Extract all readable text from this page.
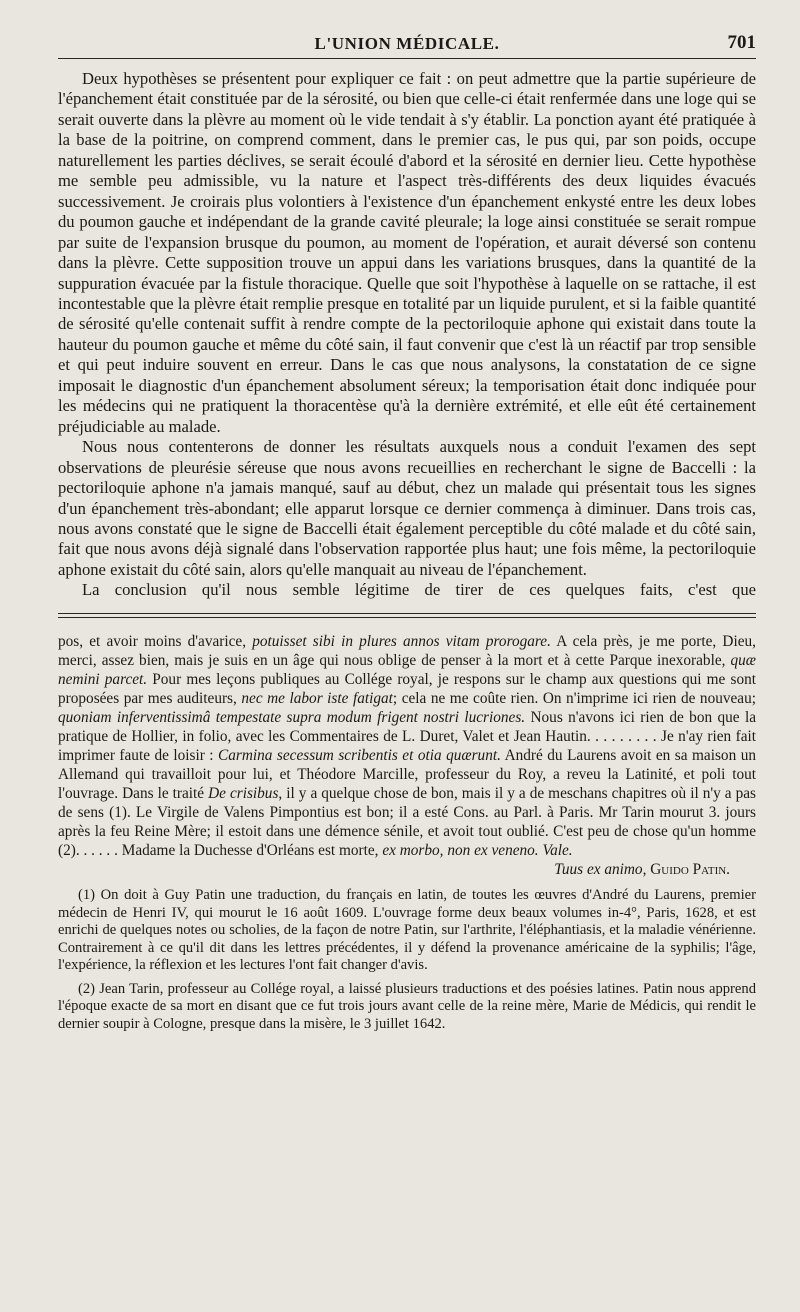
L'UNION MÉDICALE.	701

Deux hypothèses se présentent pour expliquer ce fait : on peut admettre que la partie supérieure de l'épanchement était constituée par de la sérosité, ou bien que celle-ci était renfermée dans une loge qui se serait ouverte dans la plèvre au moment où le vide tendait à s'y établir. La ponction ayant été pratiquée à la base de la poitrine, on comprend comment, dans le premier cas, le pus qui, par son poids, occupe naturellement les parties déclives, se serait écoulé d'abord et la sérosité en dernier lieu. Cette hypothèse me semble peu admissible, vu la nature et l'aspect très-différents des deux liquides évacués successivement. Je croirais plus volontiers à l'existence d'un épanchement enkysté entre les deux lobes du poumon gauche et indépendant de la grande cavité pleurale; la loge ainsi constituée se serait rompue par suite de l'expansion brusque du poumon, au moment de l'opération, et aurait déversé son contenu dans la plèvre. Cette supposition trouve un appui dans les variations brusques, dans la quantité de la suppuration évacuée par la fistule thoracique. Quelle que soit l'hypothèse à laquelle on se rattache, il est incontestable que la plèvre était remplie presque en totalité par un liquide purulent, et si la faible quantité de sérosité qu'elle contenait suffit à rendre compte de la pectoriloquie aphone qui existait dans toute la hauteur du poumon gauche et même du côté sain, il faut convenir que c'est là un réactif par trop sensible et qui peut induire souvent en erreur. Dans le cas que nous analysons, la constatation de ce signe imposait le diagnostic d'un épanchement absolument séreux; la temporisation était donc indiquée pour les médecins qui ne pratiquent la thoracentèse qu'à la dernière extrémité, et elle eût été certainement préjudiciable au malade.

Nous nous contenterons de donner les résultats auxquels nous a conduit l'examen des sept observations de pleurésie séreuse que nous avons recueillies en recherchant le signe de Baccelli : la pectoriloquie aphone n'a jamais manqué, sauf au début, chez un malade qui présentait tous les signes d'un épanchement très-abondant; elle apparut lorsque ce dernier commença à diminuer. Dans trois cas, nous avons constaté que le signe de Baccelli était également perceptible du côté malade et du côté sain, fait que nous avons déjà signalé dans l'observation rapportée plus haut; une fois même, la pectoriloquie aphone existait du côté sain, alors qu'elle manquait au niveau de l'épanchement.

La conclusion qu'il nous semble légitime de tirer de ces quelques faits, c'est que

pos, et avoir moins d'avarice, potuisset sibi in plures annos vitam prorogare. A cela près, je me porte, Dieu, merci, assez bien, mais je suis en un âge qui nous oblige de penser à la mort et à cette Parque inexorable, quæ nemini parcet. Pour mes leçons publiques au Collége royal, je respons sur le champ aux questions qui me sont proposées par mes auditeurs, nec me labor iste fatigat; cela ne me coûte rien. On n'imprime ici rien de nouveau; quoniam inferventissimâ tempestate supra modum frigent nostri lucriones. Nous n'avons ici rien de bon que la pratique de Hollier, in folio, avec les Commentaires de L. Duret, Valet et Jean Hautin. . . . . . . . . Je n'ay rien fait imprimer faute de loisir : Carmina secessum scribentis et otia quærunt. André du Laurens avoit en sa maison un Allemand qui travailloit pour lui, et Théodore Marcille, professeur du Roy, a reveu la Latinité, et poli tout l'ouvrage. Dans le traité De crisibus, il y a quelque chose de bon, mais il y a de meschans chapitres où il n'y a pas de sens (1). Le Virgile de Valens Pimpontius est bon; il a esté Cons. au Parl. à Paris. Mr Tarin mourut 3. jours après la feu Reine Mère; il estoit dans une démence sénile, et avoit tout oublié. C'est peu de chose qu'un homme (2). . . . . . Madame la Duchesse d'Orléans est morte, ex morbo, non ex veneno. Vale.

Tuus ex animo, Guido Patin.

(1) On doit à Guy Patin une traduction, du français en latin, de toutes les œuvres d'André du Laurens, premier médecin de Henri IV, qui mourut le 16 août 1609. L'ouvrage forme deux beaux volumes in-4°, Paris, 1628, et est enrichi de quelques notes ou scholies, de la façon de notre Patin, sur l'arthrite, l'éléphantiasis, et la maladie vénérienne. Contrairement à ce qu'il dit dans les lettres précédentes, il y défend la provenance américaine de la syphilis; l'âge, l'expérience, la réflexion et les lectures l'ont fait changer d'avis.

(2) Jean Tarin, professeur au Collége royal, a laissé plusieurs traductions et des poésies latines. Patin nous apprend l'époque exacte de sa mort en disant que ce fut trois jours avant celle de la reine mère, Marie de Médicis, qui rendit le dernier soupir à Cologne, presque dans la misère, le 3 juillet 1642.
